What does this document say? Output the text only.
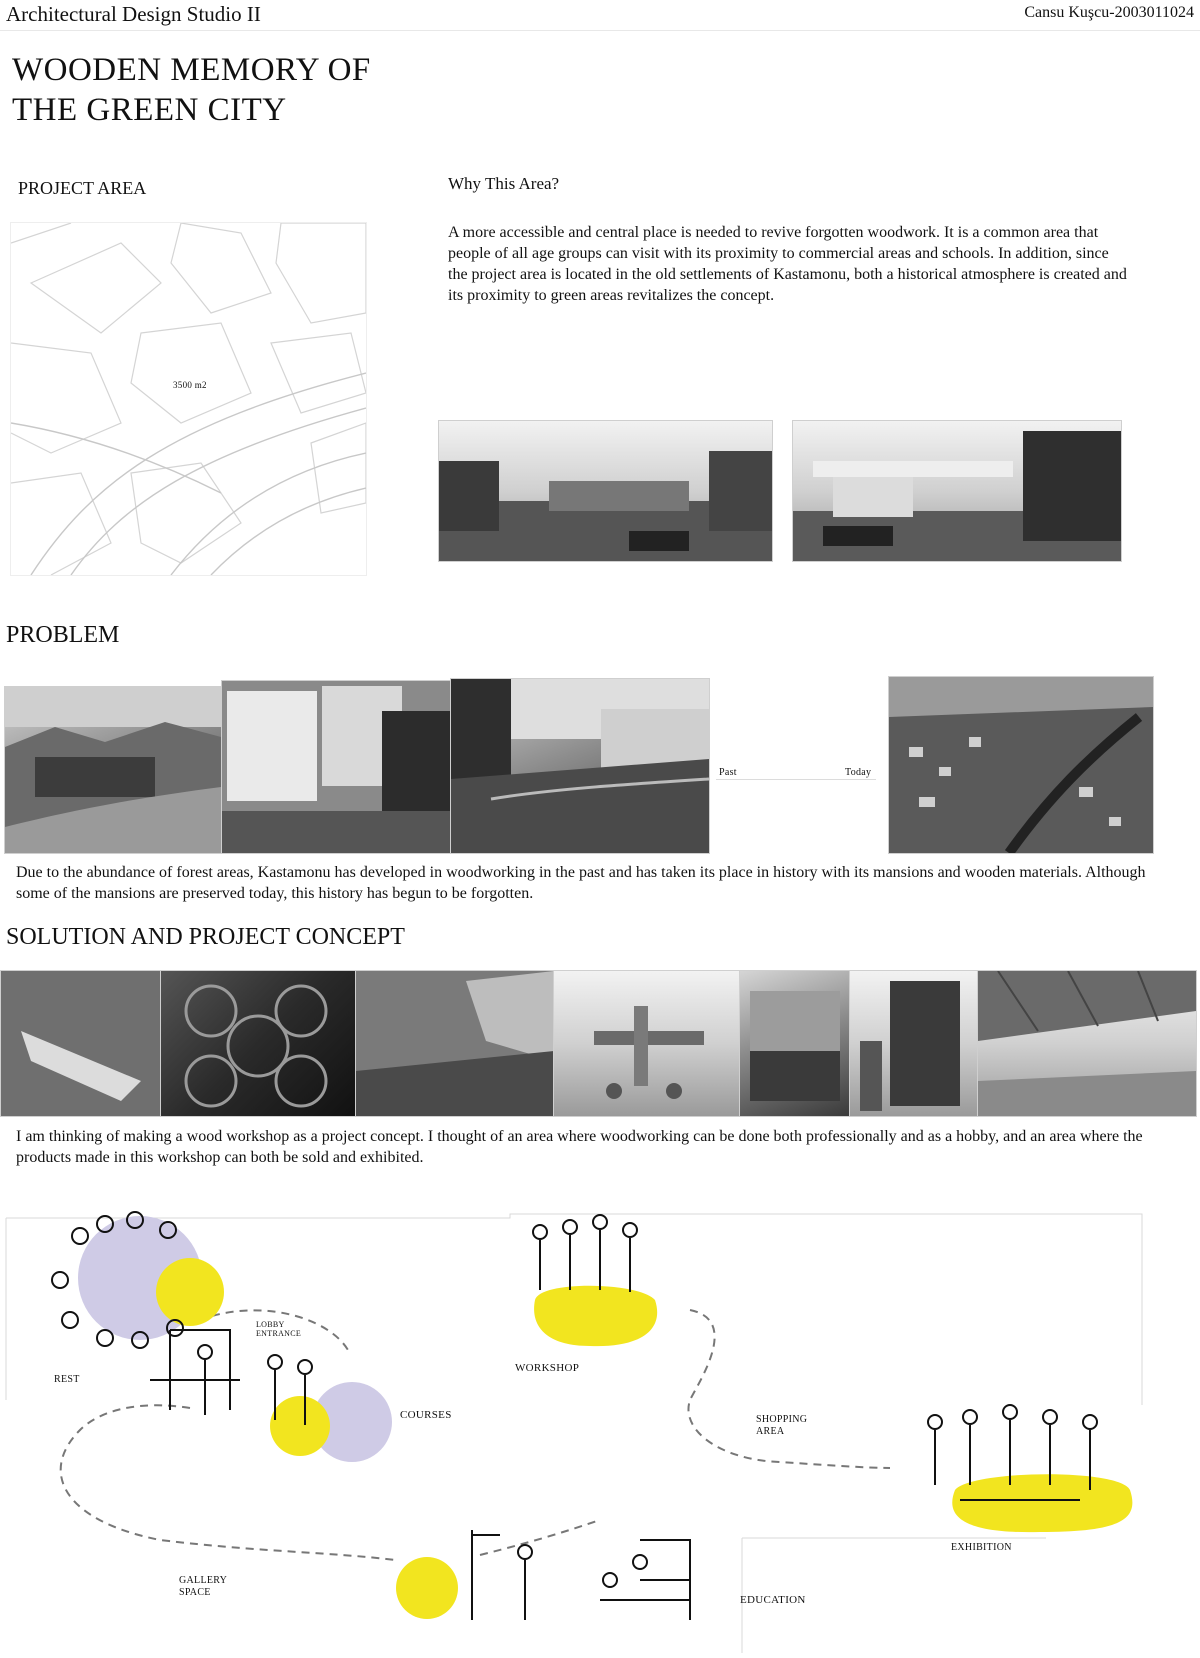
Architectural Design Studio II	Cansu Kuşcu-2003011024
WOODEN MEMORY OF
THE GREEN CITY
PROJECT AREA
3500 m2
Why This Area?

A more accessible and central place is needed to revive forgotten woodwork. It is a common area that people of all age groups can visit with its proximity to commercial areas and schools. In addition, since the project area is located in the old settlements of Kastamonu, both a historical atmosphere is created and its proximity to green areas revitalizes the concept.

PROBLEM
Past	Today

Due to the abundance of forest areas, Kastamonu has developed in woodworking in the past and has taken its place in history with its mansions and wooden materials. Although some of the mansions are preserved today, this history has begun to be forgotten.

SOLUTION AND PROJECT CONCEPT

I am thinking of making a wood workshop as a project concept. I thought of an area where woodworking can be done both professionally and as a hobby, and an area where the products made in this workshop can both be sold and exhibited.

LOBBY
ENTRANCE
REST
WORKSHOP
COURSES	SHOPPING
AREA
EXHIBITION
GALLERY
SPACE
EDUCATION
